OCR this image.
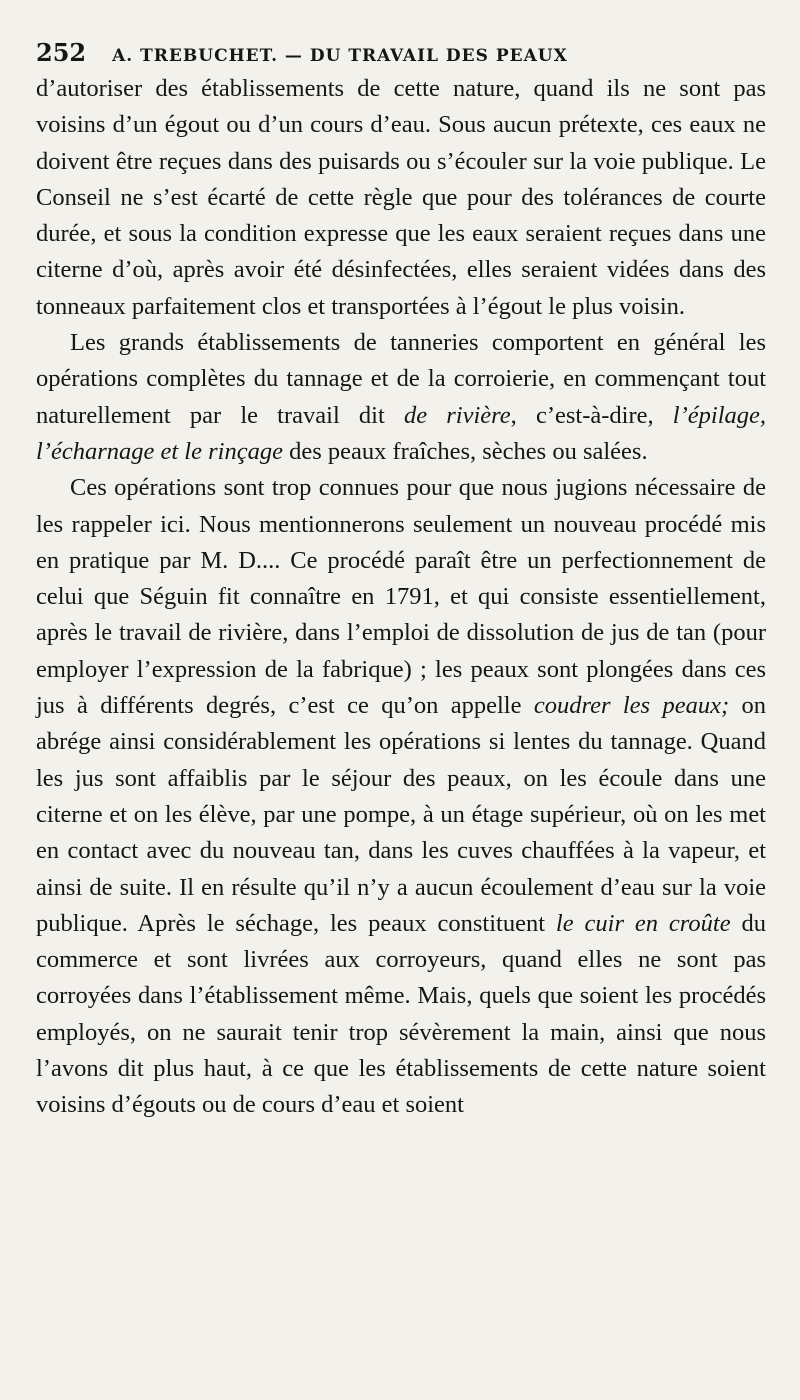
252 A. TREBUCHET. — DU TRAVAIL DES PEAUX

d’autoriser des établissements de cette nature, quand ils ne sont pas voisins d’un égout ou d’un cours d’eau. Sous aucun prétexte, ces eaux ne doivent être reçues dans des puisards ou s’écouler sur la voie publique. Le Conseil ne s’est écarté de cette règle que pour des tolérances de courte durée, et sous la condition expresse que les eaux seraient reçues dans une citerne d’où, après avoir été désinfectées, elles seraient vidées dans des tonneaux parfaitement clos et transportées à l’égout le plus voisin.

Les grands établissements de tanneries comportent en général les opérations complètes du tannage et de la corroierie, en commençant tout naturellement par le travail dit de rivière, c’est-à-dire, l’épilage, l’écharnage et le rinçage des peaux fraîches, sèches ou salées.

Ces opérations sont trop connues pour que nous jugions nécessaire de les rappeler ici. Nous mentionnerons seulement un nouveau procédé mis en pratique par M. D.... Ce procédé paraît être un perfectionnement de celui que Séguin fit connaître en 1791, et qui consiste essentiellement, après le travail de rivière, dans l’emploi de dissolution de jus de tan (pour employer l’expression de la fabrique) ; les peaux sont plongées dans ces jus à différents degrés, c’est ce qu’on appelle coudrer les peaux; on abrége ainsi considérablement les opérations si lentes du tannage. Quand les jus sont affaiblis par le séjour des peaux, on les écoule dans une citerne et on les élève, par une pompe, à un étage supérieur, où on les met en contact avec du nouveau tan, dans les cuves chauffées à la vapeur, et ainsi de suite. Il en résulte qu’il n’y a aucun écoulement d’eau sur la voie publique. Après le séchage, les peaux constituent le cuir en croûte du commerce et sont livrées aux corroyeurs, quand elles ne sont pas corroyées dans l’établissement même. Mais, quels que soient les procédés employés, on ne saurait tenir trop sévèrement la main, ainsi que nous l’avons dit plus haut, à ce que les établissements de cette nature soient voisins d’égouts ou de cours d’eau et soient
